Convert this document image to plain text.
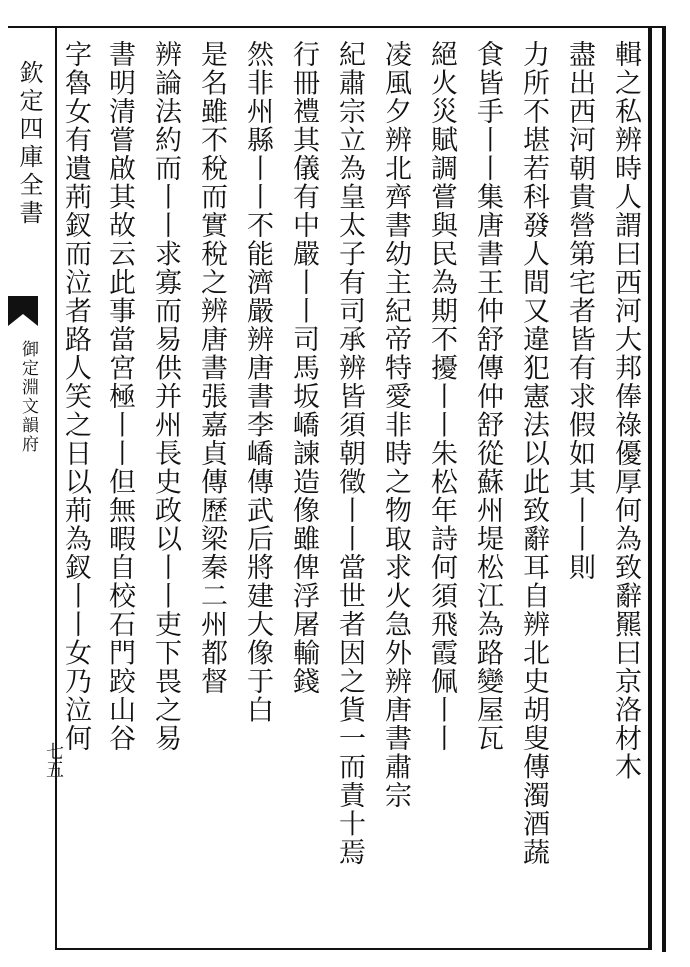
欽定四庫全書
御定淵文韻府
七五	輯之私辨時人謂曰西河大邦俸祿優厚何為致辭羆曰京洛材木
盡出西河朝貴營第宅者皆有求假如其丨丨則
力所不堪若科發人間又違犯憲法以此致辭耳自辨北史胡叟傳濁酒蔬
食皆手丨丨集唐書王仲舒傳仲舒從蘇州堤松江為路變屋瓦
絕火災賦調嘗與民為期不擾丨丨朱松年詩何須飛霞佩丨丨
凌風夕辨北齊書幼主紀帝特愛非時之物取求火急外辨唐書肅宗
紀肅宗立為皇太子有司承辨皆須朝徵丨丨當世者因之貨一而責十焉
行冊禮其儀有中嚴丨丨司馬坂嶠諫造像雖俾浮屠輸錢
然非州縣丨丨不能濟嚴辨唐書李嶠傳武后將建大像于白
是名雖不稅而實稅之辨唐書張嘉貞傳歷梁秦二州都督
辨論法約而丨丨求寡而易供并州長史政以丨丨吏下畏之易
書明清嘗啟其故云此事當宮極丨丨但無暇自校石門跤山谷
字魯女有遺荊釵而泣者路人笑之日以荊為釵丨丨女乃泣何
